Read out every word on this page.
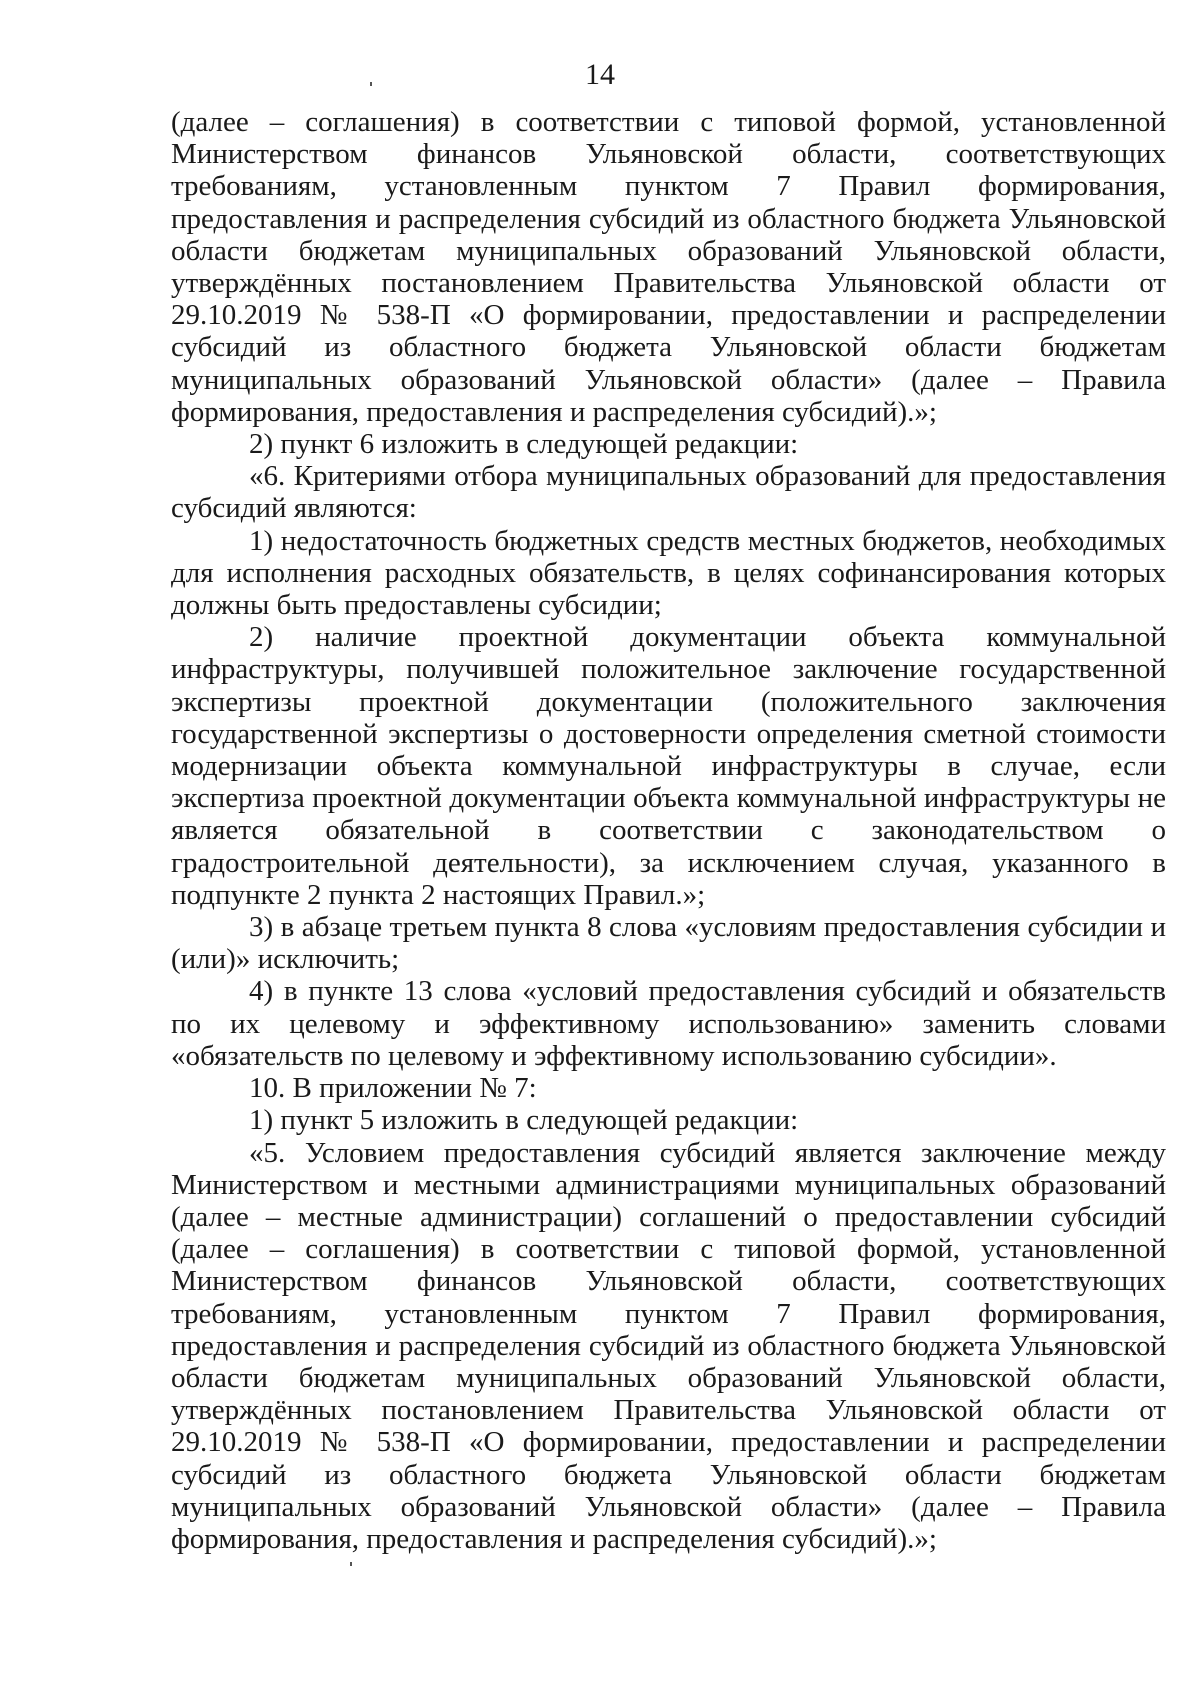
14

(далее – соглашения) в соответствии с типовой формой, установленной Министерством финансов Ульяновской области, соответствующих требованиям, установленным пунктом 7 Правил формирования, предоставления и распределения субсидий из областного бюджета Ульяновской области бюджетам муниципальных образований Ульяновской области, утверждённых постановлением Правительства Ульяновской области от 29.10.2019 № 538-П «О формировании, предоставлении и распределении субсидий из областного бюджета Ульяновской области бюджетам муниципальных образований Ульяновской области» (далее – Правила формирования, предоставления и распределения субсидий).»;

2) пункт 6 изложить в следующей редакции:

«6. Критериями отбора муниципальных образований для предоставления субсидий являются:

1) недостаточность бюджетных средств местных бюджетов, необходимых для исполнения расходных обязательств, в целях софинансирования которых должны быть предоставлены субсидии;

2) наличие проектной документации объекта коммунальной инфраструктуры, получившей положительное заключение государственной экспертизы проектной документации (положительного заключения государственной экспертизы о достоверности определения сметной стоимости модернизации объекта коммунальной инфраструктуры в случае, если экспертиза проектной документации объекта коммунальной инфраструктуры не является обязательной в соответствии с законодательством о градостроительной деятельности), за исключением случая, указанного в подпункте 2 пункта 2 настоящих Правил.»;

3) в абзаце третьем пункта 8 слова «условиям предоставления субсидии и (или)» исключить;

4) в пункте 13 слова «условий предоставления субсидий и обязательств по их целевому и эффективному использованию» заменить словами «обязательств по целевому и эффективному использованию субсидии».

10. В приложении № 7:

1) пункт 5 изложить в следующей редакции:

«5. Условием предоставления субсидий является заключение между Министерством и местными администрациями муниципальных образований (далее – местные администрации) соглашений о предоставлении субсидий (далее – соглашения) в соответствии с типовой формой, установленной Министерством финансов Ульяновской области, соответствующих требованиям, установленным пунктом 7 Правил формирования, предоставления и распределения субсидий из областного бюджета Ульяновской области бюджетам муниципальных образований Ульяновской области, утверждённых постановлением Правительства Ульяновской области от 29.10.2019 № 538-П «О формировании, предоставлении и распределении субсидий из областного бюджета Ульяновской области бюджетам муниципальных образований Ульяновской области» (далее – Правила формирования, предоставления и распределения субсидий).»;
